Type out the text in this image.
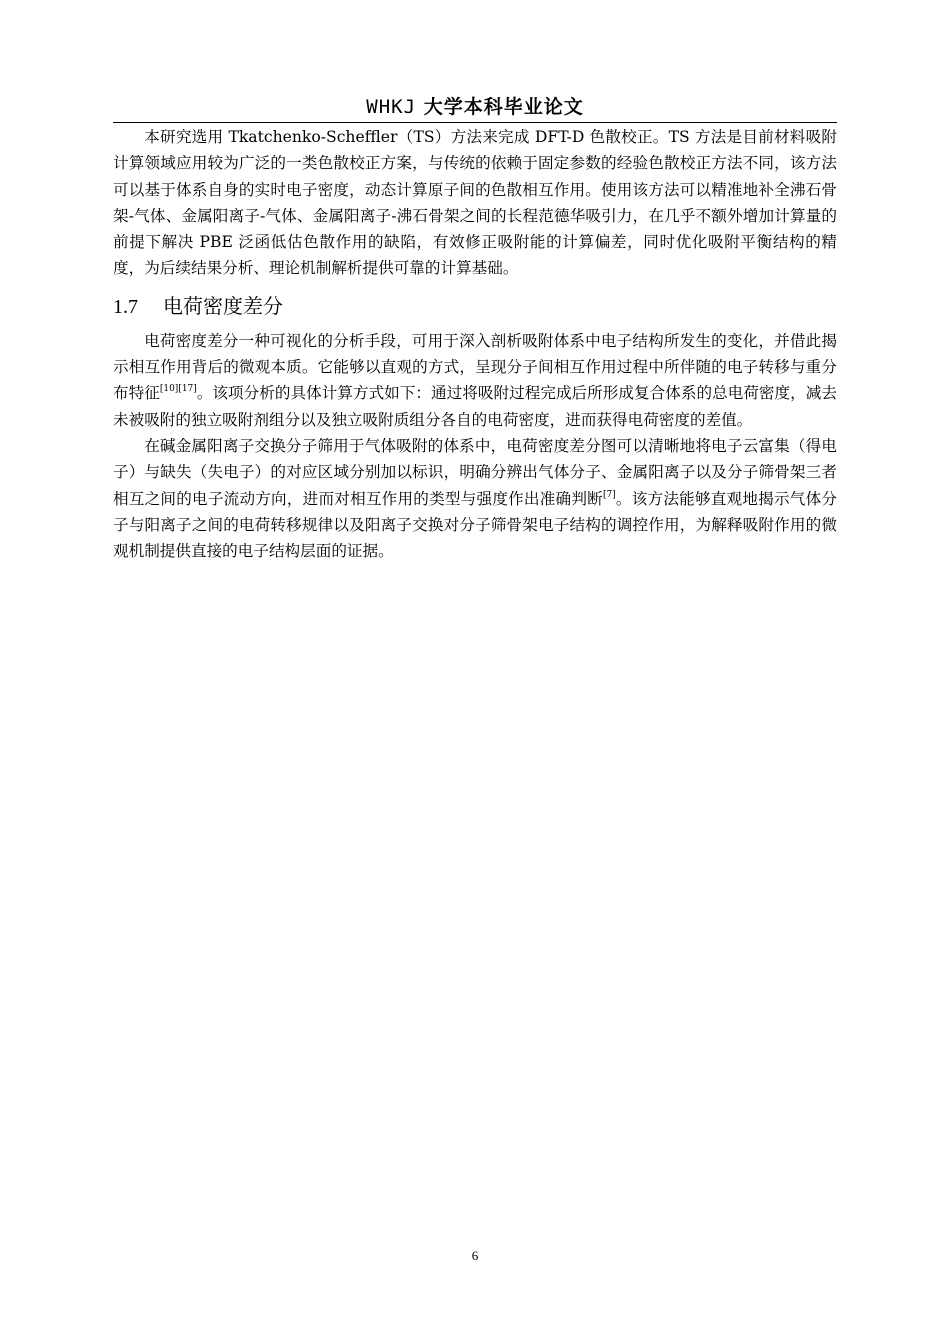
WHKJ 大学本科毕业论文

本研究选用 Tkatchenko-Scheffler（TS）方法来完成 DFT-D 色散校正。TS 方法是目前材料吸附计算领域应用较为广泛的一类色散校正方案，与传统的依赖于固定参数的经验色散校正方法不同，该方法可以基于体系自身的实时电子密度，动态计算原子间的色散相互作用。使用该方法可以精准地补全沸石骨架-气体、金属阳离子-气体、金属阳离子-沸石骨架之间的长程范德华吸引力，在几乎不额外增加计算量的前提下解决 PBE 泛函低估色散作用的缺陷，有效修正吸附能的计算偏差，同时优化吸附平衡结构的精度，为后续结果分析、理论机制解析提供可靠的计算基础。

1.7 电荷密度差分

电荷密度差分一种可视化的分析手段，可用于深入剖析吸附体系中电子结构所发生的变化，并借此揭示相互作用背后的微观本质。它能够以直观的方式，呈现分子间相互作用过程中所伴随的电子转移与重分布特征[10][17]。该项分析的具体计算方式如下：通过将吸附过程完成后所形成复合体系的总电荷密度，减去未被吸附的独立吸附剂组分以及独立吸附质组分各自的电荷密度，进而获得电荷密度的差值。

在碱金属阳离子交换分子筛用于气体吸附的体系中，电荷密度差分图可以清晰地将电子云富集（得电子）与缺失（失电子）的对应区域分别加以标识，明确分辨出气体分子、金属阳离子以及分子筛骨架三者相互之间的电子流动方向，进而对相互作用的类型与强度作出准确判断[7]。该方法能够直观地揭示气体分子与阳离子之间的电荷转移规律以及阳离子交换对分子筛骨架电子结构的调控作用，为解释吸附作用的微观机制提供直接的电子结构层面的证据。

6
